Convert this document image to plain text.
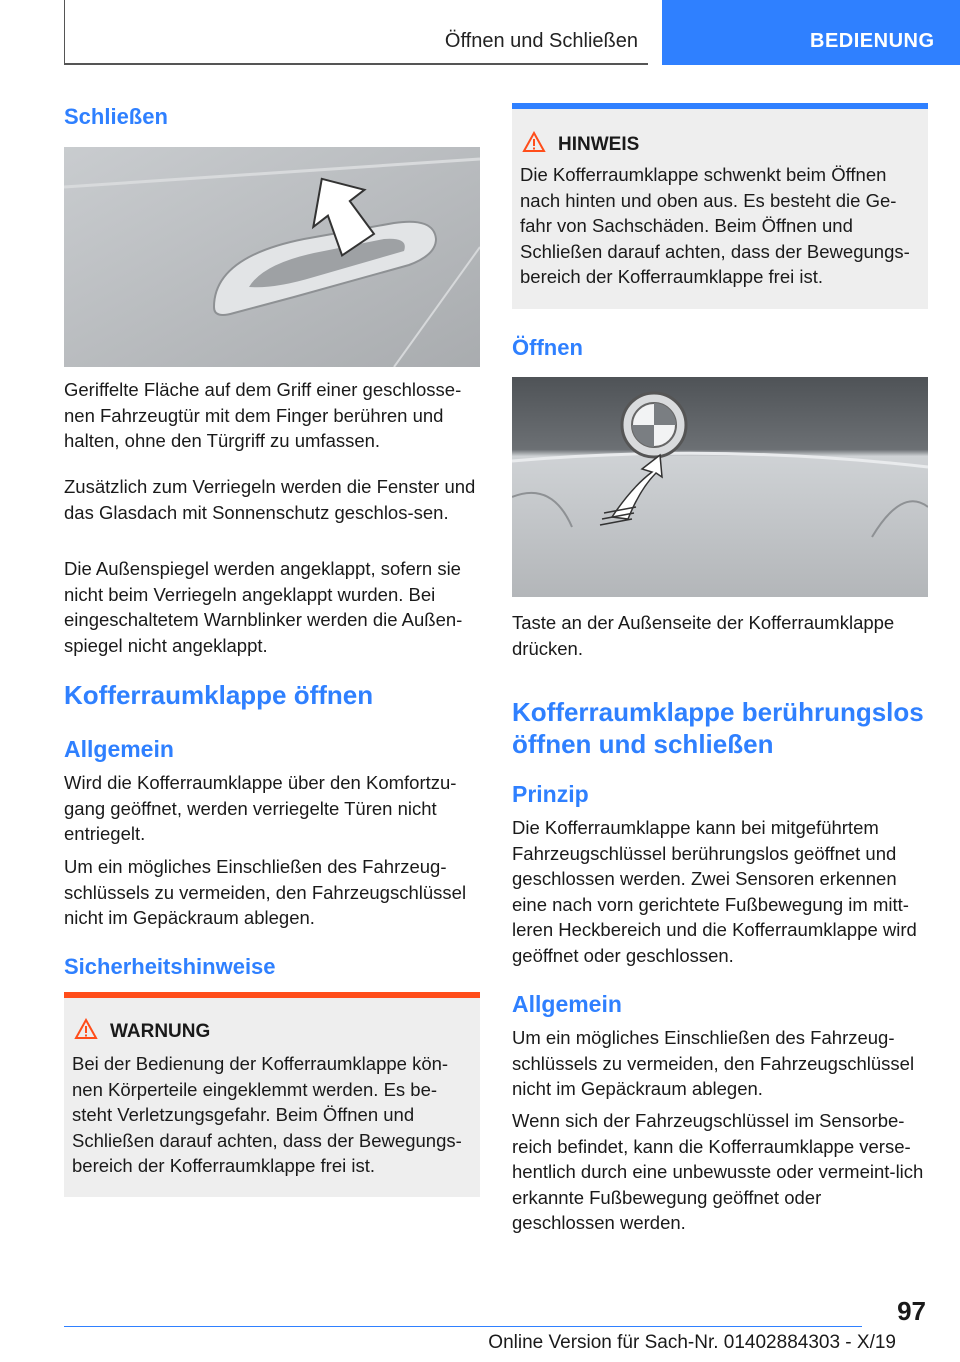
Öffnen und Schließen	BEDIENUNG
Schließen

Geriffelte Fläche auf dem Griff einer geschlosse-nen Fahrzeugtür mit dem Finger berühren und halten, ohne den Türgriff zu umfassen.

Zusätzlich zum Verriegeln werden die Fenster und das Glasdach mit Sonnenschutz geschlos-sen.

Die Außenspiegel werden angeklappt, sofern sie nicht beim Verriegeln angeklappt wurden. Bei eingeschaltetem Warnblinker werden die Außen-spiegel nicht angeklappt.

Kofferraumklappe öffnen
Allgemein

Wird die Kofferraumklappe über den Komfortzu-gang geöffnet, werden verriegelte Türen nicht entriegelt.

Um ein mögliches Einschließen des Fahrzeug-schlüssels zu vermeiden, den Fahrzeugschlüssel nicht im Gepäckraum ablegen.

Sicherheitshinweise
WARNUNG

Bei der Bedienung der Kofferraumklappe kön-nen Körperteile eingeklemmt werden. Es be-steht Verletzungsgefahr. Beim Öffnen und Schließen darauf achten, dass der Bewegungs-bereich der Kofferraumklappe frei ist.

HINWEIS

Die Kofferraumklappe schwenkt beim Öffnen nach hinten und oben aus. Es besteht die Ge-fahr von Sachschäden. Beim Öffnen und Schließen darauf achten, dass der Bewegungs-bereich der Kofferraumklappe frei ist.

Öffnen

Taste an der Außenseite der Kofferraumklappe drücken.

Kofferraumklappe berührungslos öffnen und schließen
Prinzip

Die Kofferraumklappe kann bei mitgeführtem Fahrzeugschlüssel berührungslos geöffnet und geschlossen werden. Zwei Sensoren erkennen eine nach vorn gerichtete Fußbewegung im mitt-leren Heckbereich und die Kofferraumklappe wird geöffnet oder geschlossen.

Allgemein

Um ein mögliches Einschließen des Fahrzeug-schlüssels zu vermeiden, den Fahrzeugschlüssel nicht im Gepäckraum ablegen.

Wenn sich der Fahrzeugschlüssel im Sensorbe-reich befindet, kann die Kofferraumklappe verse-hentlich durch eine unbewusste oder vermeint-lich erkannte Fußbewegung geöffnet oder geschlossen werden.

97
Online Version für Sach-Nr. 01402884303 - X/19
